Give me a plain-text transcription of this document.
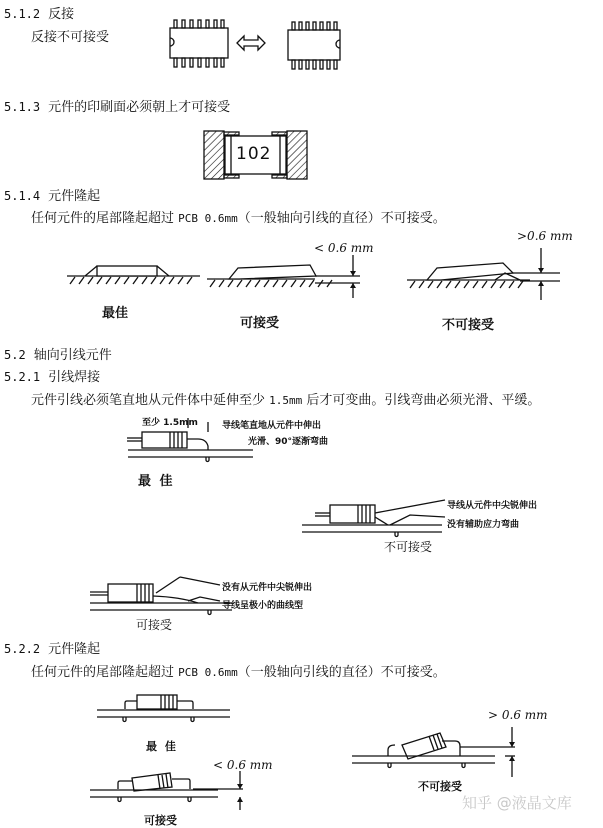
5.1.2 反接
反接不可接受
5.1.3 元件的印刷面必须朝上才可接受
102
5.1.4 元件隆起
任何元件的尾部隆起超过 PCB 0.6mm（一般轴向引线的直径）不可接受。
最佳
< 0.6 mm
可接受
>0.6 mm
不可接受
5.2 轴向引线元件
5.2.1 引线焊接
元件引线必须笔直地从元件体中延伸至少 1.5mm 后才可变曲。引线弯曲必须光滑、平缓。
至少 1.5mm	导线笔直地从元件中伸出
光滑、90°逐渐弯曲
最 佳
导线从元件中尖锐伸出
没有辅助应力弯曲
不可接受
没有从元件中尖锐伸出
导线呈极小的曲线型
可接受
5.2.2 元件隆起
任何元件的尾部隆起超过 PCB 0.6mm（一般轴向引线的直径）不可接受。
最 佳
< 0.6 mm
可接受
> 0.6 mm
不可接受
知乎 @液晶文库
